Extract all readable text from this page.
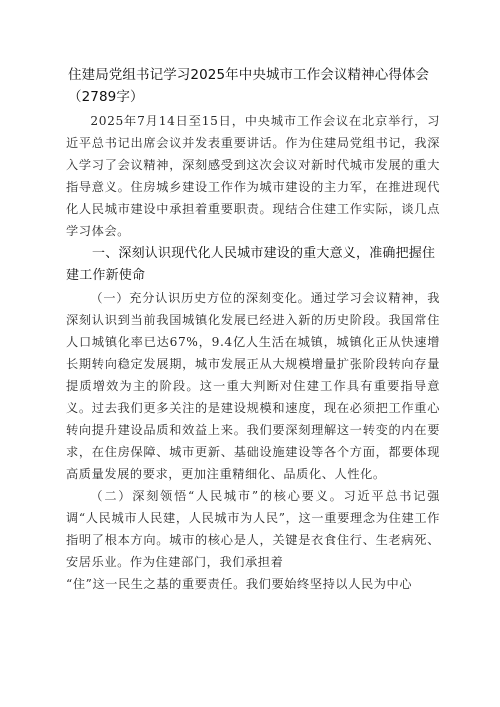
住建局党组书记学习2025年中央城市工作会议精神心得体会（2789字）

2025年7月14日至15日，中央城市工作会议在北京举行，习近平总书记出席会议并发表重要讲话。作为住建局党组书记，我深入学习了会议精神，深刻感受到这次会议对新时代城市发展的重大指导意义。住房城乡建设工作作为城市建设的主力军，在推进现代化人民城市建设中承担着重要职责。现结合住建工作实际，谈几点学习体会。

一、深刻认识现代化人民城市建设的重大意义，准确把握住建工作新使命

（一）充分认识历史方位的深刻变化。通过学习会议精神，我深刻认识到当前我国城镇化发展已经进入新的历史阶段。我国常住人口城镇化率已达67%，9.4亿人生活在城镇，城镇化正从快速增长期转向稳定发展期，城市发展正从大规模增量扩张阶段转向存量提质增效为主的阶段。这一重大判断对住建工作具有重要指导意义。过去我们更多关注的是建设规模和速度，现在必须把工作重心转向提升建设品质和效益上来。我们要深刻理解这一转变的内在要求，在住房保障、城市更新、基础设施建设等各个方面，都要体现高质量发展的要求，更加注重精细化、品质化、人性化。

（二）深刻领悟“人民城市”的核心要义。习近平总书记强调“人民城市人民建，人民城市为人民”，这一重要理念为住建工作指明了根本方向。城市的核心是人，关键是衣食住行、生老病死、安居乐业。作为住建部门，我们承担着

“住”这一民生之基的重要责任。我们要始终坚持以人民为中心
